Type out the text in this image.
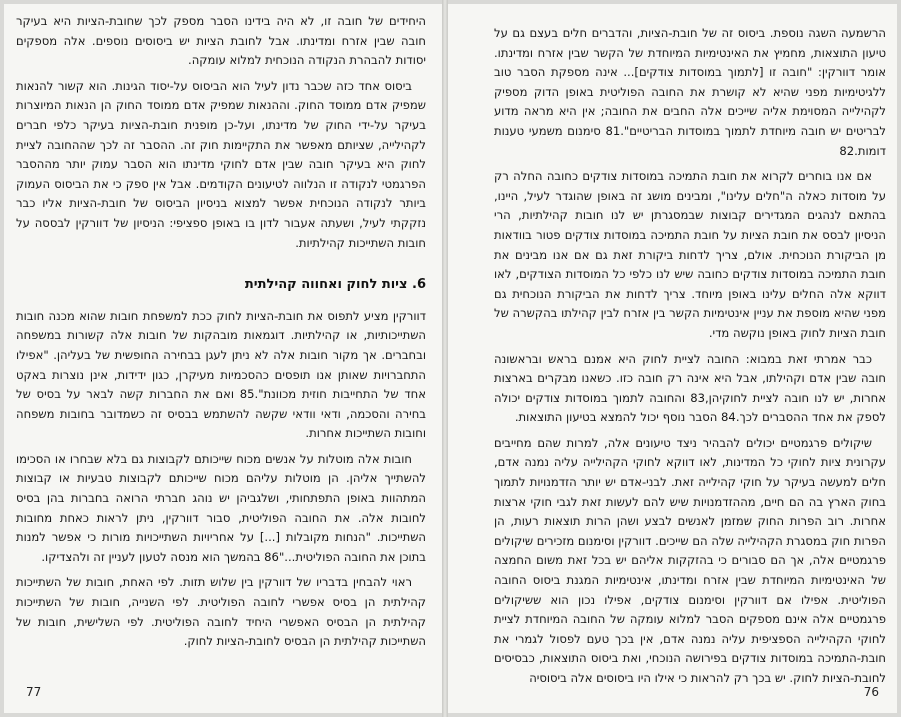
היחידים של חובה זו, לא היה בידינו הסבר מספק לכך שחובת-הציות היא בעיקר חובה שבין אזרח ומדינתו. אבל לחובת הציות יש ביסוסים נוספים. אלה מספקים יסודות להבהרת הנקודה הנוכחית למלוא עומקה.

ביסוס אחד כזה שכבר נדון לעיל הוא הביסוס על-יסוד הגינות. הוא קשור להנאות שמפיק אדם ממוסד החוק. וההנאות שמפיק אדם ממוסד החוק הן הנאות המיוצרות בעיקר על-ידי החוק של מדינתו, ועל-כן מופנית חובת-הציות בעיקר כלפי חברים לקהילייה, שציותם מאפשר את התקיימות חוק זה. ההסבר זה לכך שההחובה לציית לחוק היא בעיקר חובה שבין אדם לחוקי מדינתו הוא הסבר עמוק יותר מההסבר הפרגמטי לנקודה זו הנלווה לטיעונים הקודמים. אבל אין ספק כי את הביסוס העמוק ביותר לנקודה הנוכחית אפשר למצוא בניסיון הביסוס של חובת-הציות אליו כבר נזקקתי לעיל, ושעתה אעבור לדון בו באופן ספציפי: הניסיון של דוורקין לבססה על חובות השתייכות קהילתיות.

6. ציות לחוק ואחווה קהילתית

דוורקין מציע לתפוס את חובת-הציות לחוק ככת למשפחת חובות שהוא מכנה חובות השתייכותיות, או קהילתיות. דוגמאות מובהקות של חובות אלה קשורות במשפחה ובחברים. אך מקור חובות אלה לא ניתן לעגן בבחירה החופשית של בעליהן. "אפילו התחברויות שאותן אנו תופסים כהסכמיות מעיקרן, כגון ידידות, אינן נוצרות באקט אחד של התחייבות חוזית מכוונת".85 ואם את החברות קשה לבאר על בסיס של בחירה והסכמה, ודאי וודאי שקשה להשתמש בבסיס זה כשמדובר בחובות משפחה וחובות השתייכות אחרות.

חובות אלה מוטלות על אנשים מכוח שייכותם לקבוצות גם בלא שבחרו או הסכימו להשתייך אליהן. הן מוטלות עליהם מכוח שייכותם לקבוצות טבעיות או קבוצות המתהוות באופן התפתחותי, ושלגביהן יש נוהג חברתי הרואה בחברות בהן בסיס לחובות אלה. את החובה הפוליטית, סבור דוורקין, ניתן לראות כאחת מחובות השתייכות. "הנחות מקובלות [...] על אחריויות השתייכויות מורות כי אפשר למנות בתוכן את החובה הפוליטית..."86 בהמשך הוא מנסה לטעון לעניין זה ולהצדיקו.

ראוי להבחין בדבריו של דוורקין בין שלוש תזות. לפי האחת, חובות של השתייכות קהילתית הן בסיס אפשרי לחובה הפוליטית. לפי השנייה, חובות של השתייכות קהילתית הן הבסיס האפשרי היחיד לחובה הפוליטית. לפי השלישית, חובות של השתייכות קהילתית הן הבסיס לחובת-הציות לחוק.

77

הרשמעה השגה נוספת. ביסוס זה של חובת-הציות, והדברים חלים בעצם גם על טיעון התוצאות, מחמיץ את האינטימיות המיוחדת של הקשר שבין אזרח ומדינתו. אומר דוורקין: "חובה זו [לתמוך במוסדות צודקים]... אינה מספקת הסבר טוב ללגיטימיות מפני שהיא לא קושרת את החובה הפוליטית באופן הדוק מספיק לקהילייה המסוימת אליה שייכים אלה החבים את החובה; אין היא מראה מדוע לבריטים יש חובה מיוחדת לתמוך במוסדות הבריטיים".81 סימנום משמעי טענות דומות.82

אם אנו בוחרים לקרוא את חובת התמיכה במוסדות צודקים כחובה החלה רק על מוסדות כאלה ה"חלים עלינו", ומבינים מושג זה באופן שהוגדר לעיל, היינו, בהתאם לנהגים המגדירים קבוצות שבמסגרתן יש לנו חובות קהילתיות, הרי הניסיון לבסס את חובת הציות על חובת התמיכה במוסדות צודקים פטור בוודאות מן הביקורת הנוכחית. אולם, צריך לדחות ביקורת זאת גם אם אנו מבינים את חובת התמיכה במוסדות צודקים כחובה שיש לנו כלפי כל המוסדות הצודקים, לאו דווקא אלה החלים עלינו באופן מיוחד. צריך לדחות את הביקורת הנוכחית גם מפני שהיא מוספת את עניין אינטימיות הקשר בין אזרח לבין קהילתו בהקשרה של חובת הציות לחוק באופן נוקשה מדי.

כבר אמרתי זאת במבוא: החובה לציית לחוק היא אמנם בראש ובראשונה חובה שבין אדם וקהילתו, אבל היא אינה רק חובה כזו. כשאנו מבקרים בארצות אחרות, יש לנו חובה לציית לחוקיהן,83 והחובה לתמוך במוסדות צודקים יכולה לספק את אחד ההסברים לכך.84 הסבר נוסף יכול להמצא בטיעון התוצאות.

שיקולים פרגמטיים יכולים להבהיר ניצד טיעונים אלה, למרות שהם מחייבים עקרונית ציות לחוקי כל המדינות, לאו דווקא לחוקי הקהילייה עליה נמנה אדם, חלים למעשה בעיקר על חוקי קהילייה זאת. לבני-אדם יש יותר הזדמנויות לתמוך בחוק הארץ בה הם חיים, מההזדמנויות שיש להם לעשות זאת לגבי חוקי ארצות אחרות. רוב הפרות החוק שמזמן לאנשים לבצע ושהן הרות תוצאות רעות, הן הפרות חוק במסגרת הקהילייה שלה הם שייכים. דוורקין וסימנום מזכירים שיקולים פרגמטיים אלה, אך הם סבורים כי בהזקקות אליהם יש בכל זאת משום החמצה של האינטימיות המיוחדת שבין אזרח ומדינתו, אינטימיות המגנת ביסוס החובה הפוליטית. אפילו אם דוורקין וסימנום צודקים, אפילו נכון הוא ששיקולים פרגמטיים אלה אינם מספקים הסבר למלוא עומקה של החובה המיוחדת לציית לחוקי הקהילייה הספציפית עליה נמנה אדם, אין בכך טעם לפסול לגמרי את חובת-התמיכה במוסדות צודקים בפירושה הנוכחי, ואת ביסוס התוצאות, כבסיסים לחובת-הציות לחוק. יש בכך רק להראות כי אילו היו ביסוסים אלה ביסוסיה

76
